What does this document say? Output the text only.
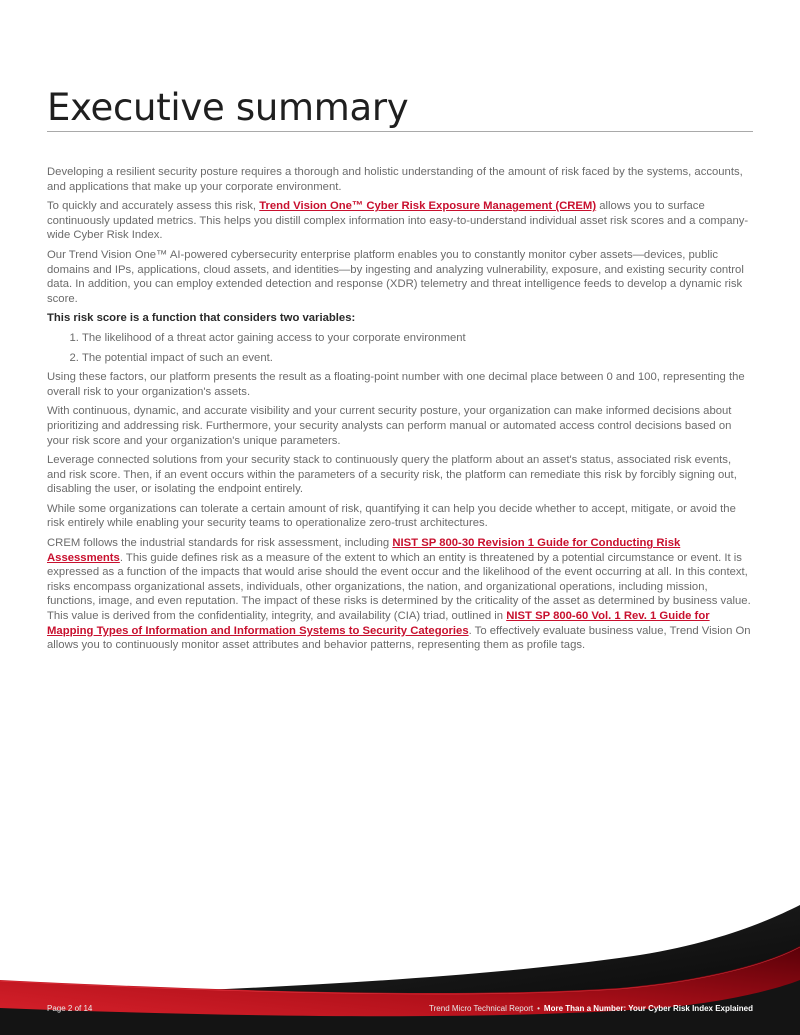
Executive summary

Developing a resilient security posture requires a thorough and holistic understanding of the amount of risk faced by the systems, accounts, and applications that make up your corporate environment.

To quickly and accurately assess this risk, Trend Vision One™ Cyber Risk Exposure Management (CREM) allows you to surface continuously updated metrics. This helps you distill complex information into easy-to-understand individual asset risk scores and a company-wide Cyber Risk Index.

Our Trend Vision One™ AI-powered cybersecurity enterprise platform enables you to constantly monitor cyber assets—devices, public domains and IPs, applications, cloud assets, and identities—by ingesting and analyzing vulnerability, exposure, and existing security control data. In addition, you can employ extended detection and response (XDR) telemetry and threat intelligence feeds to develop a dynamic risk score.

This risk score is a function that considers two variables:

1. The likelihood of a threat actor gaining access to your corporate environment
2. The potential impact of such an event.

Using these factors, our platform presents the result as a floating-point number with one decimal place between 0 and 100, representing the overall risk to your organization's assets.

With continuous, dynamic, and accurate visibility and your current security posture, your organization can make informed decisions about prioritizing and addressing risk. Furthermore, your security analysts can perform manual or automated access control decisions based on your risk score and your organization's unique parameters.

Leverage connected solutions from your security stack to continuously query the platform about an asset's status, associated risk events, and risk score. Then, if an event occurs within the parameters of a security risk, the platform can remediate this risk by forcibly signing out, disabling the user, or isolating the endpoint entirely.

While some organizations can tolerate a certain amount of risk, quantifying it can help you decide whether to accept, mitigate, or avoid the risk entirely while enabling your security teams to operationalize zero-trust architectures.

CREM follows the industrial standards for risk assessment, including NIST SP 800-30 Revision 1 Guide for Conducting Risk Assessments. This guide defines risk as a measure of the extent to which an entity is threatened by a potential circumstance or event. It is expressed as a function of the impacts that would arise should the event occur and the likelihood of the event occurring at all. In this context, risks encompass organizational assets, individuals, other organizations, the nation, and organizational operations, including mission, functions, image, and even reputation. The impact of these risks is determined by the criticality of the asset as determined by business value. This value is derived from the confidentiality, integrity, and availability (CIA) triad, outlined in NIST SP 800-60 Vol. 1 Rev. 1 Guide for Mapping Types of Information and Information Systems to Security Categories. To effectively evaluate business value, Trend Vision On allows you to continuously monitor asset attributes and behavior patterns, representing them as profile tags.

Page 2 of 14	Trend Micro Technical Report • More Than a Number: Your Cyber Risk Index Explained
